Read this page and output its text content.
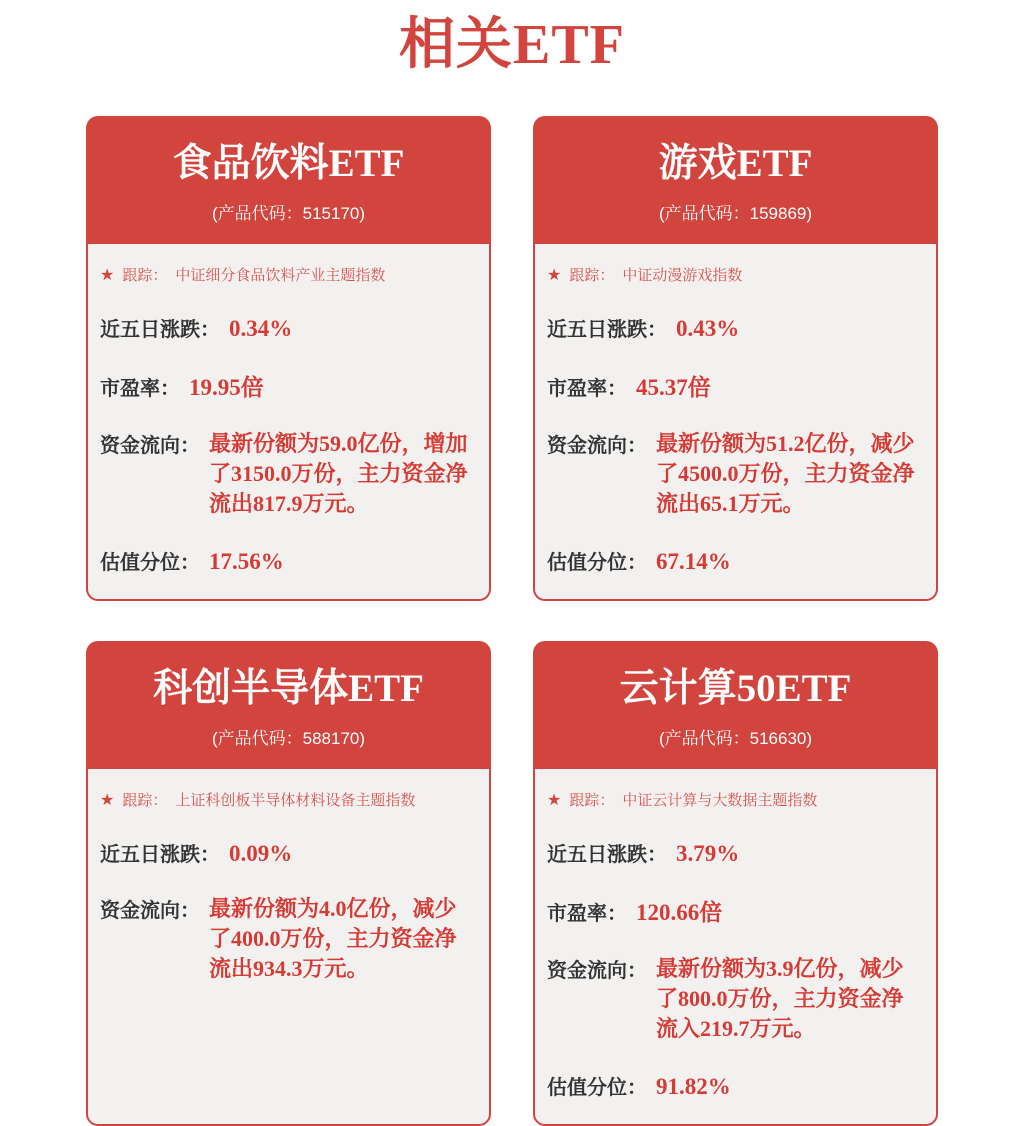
相关ETF
食品饮料ETF
(产品代码：515170)
★ 跟踪： 中证细分食品饮料产业主题指数
近五日涨跌： 0.34%
市盈率： 19.95倍
资金流向： 最新份额为59.0亿份，增加了3150.0万份，主力资金净流出817.9万元。
估值分位： 17.56%
游戏ETF
(产品代码：159869)
★ 跟踪： 中证动漫游戏指数
近五日涨跌： 0.43%
市盈率： 45.37倍
资金流向： 最新份额为51.2亿份，减少了4500.0万份，主力资金净流出65.1万元。
估值分位： 67.14%
科创半导体ETF
(产品代码：588170)
★ 跟踪： 上证科创板半导体材料设备主题指数
近五日涨跌： 0.09%
资金流向： 最新份额为4.0亿份，减少了400.0万份，主力资金净流出934.3万元。
云计算50ETF
(产品代码：516630)
★ 跟踪： 中证云计算与大数据主题指数
近五日涨跌： 3.79%
市盈率： 120.66倍
资金流向： 最新份额为3.9亿份，减少了800.0万份，主力资金净流入219.7万元。
估值分位： 91.82%
